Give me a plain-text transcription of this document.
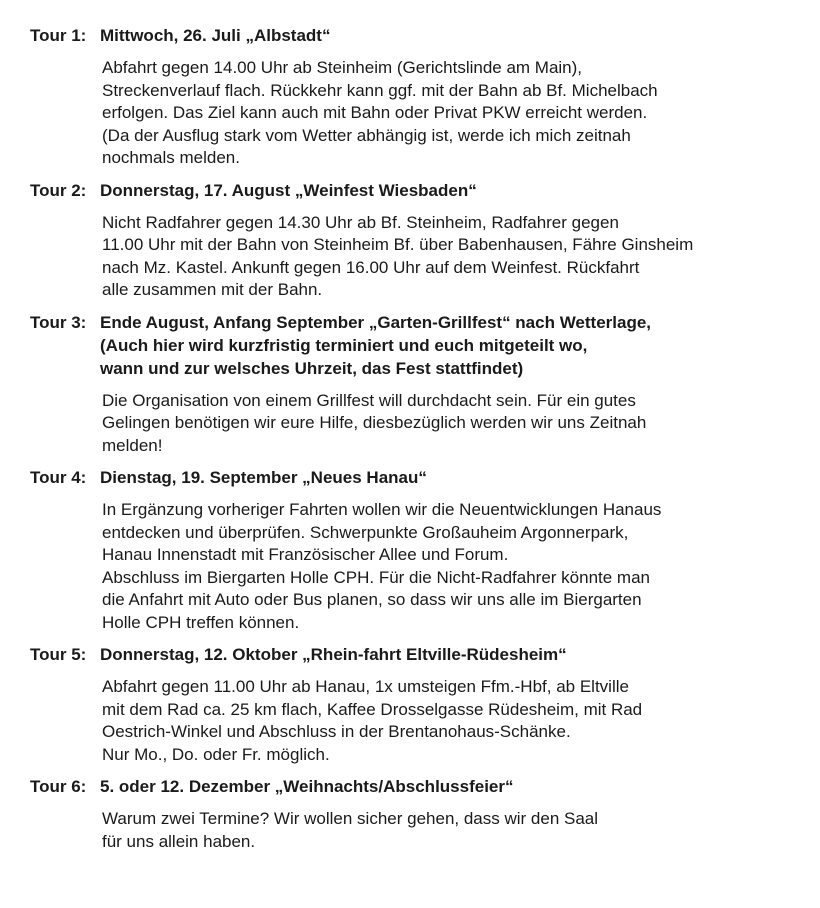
Tour 1: Mittwoch, 26. Juli „Albstadt“
Abfahrt gegen 14.00 Uhr ab Steinheim (Gerichtslinde am Main),
Streckenverlauf flach. Rückkehr kann ggf. mit der Bahn ab Bf. Michelbach
erfolgen. Das Ziel kann auch mit Bahn oder Privat PKW erreicht werden.
(Da der Ausflug stark vom Wetter abhängig ist, werde ich mich zeitnah
nochmals melden.
Tour 2: Donnerstag, 17. August „Weinfest Wiesbaden“
Nicht Radfahrer gegen 14.30 Uhr ab Bf. Steinheim, Radfahrer gegen
11.00 Uhr mit der Bahn von Steinheim Bf. über Babenhausen, Fähre Ginsheim
nach Mz. Kastel. Ankunft gegen 16.00 Uhr auf dem Weinfest. Rückfahrt
alle zusammen mit der Bahn.
Tour 3: Ende August, Anfang September „Garten-Grillfest“ nach Wetterlage,
(Auch hier wird kurzfristig terminiert und euch mitgeteilt wo,
wann und zur welsches Uhrzeit, das Fest stattfindet)
Die Organisation von einem Grillfest will durchdacht sein. Für ein gutes
Gelingen benötigen wir eure Hilfe, diesbezüglich werden wir uns Zeitnah
melden!
Tour 4: Dienstag, 19. September „Neues Hanau“
In Ergänzung vorheriger Fahrten wollen wir die Neuentwicklungen Hanaus
entdecken und überprüfen. Schwerpunkte Großauheim Argonnerpark,
Hanau Innenstadt mit Französischer Allee und Forum.
Abschluss im Biergarten Holle CPH. Für die Nicht-Radfahrer könnte man
die Anfahrt mit Auto oder Bus planen, so dass wir uns alle im Biergarten
Holle CPH treffen können.
Tour 5: Donnerstag, 12. Oktober „Rhein-fahrt Eltville-Rüdesheim“
Abfahrt gegen 11.00 Uhr ab Hanau, 1x umsteigen Ffm.-Hbf, ab Eltville
mit dem Rad ca. 25 km flach, Kaffee Drosselgasse Rüdesheim, mit Rad
Oestrich-Winkel und Abschluss in der Brentanohaus-Schänke.
Nur Mo., Do. oder Fr. möglich.
Tour 6: 5. oder 12. Dezember „Weihnachts/Abschlussfeier“
Warum zwei Termine? Wir wollen sicher gehen, dass wir den Saal
für uns allein haben.
